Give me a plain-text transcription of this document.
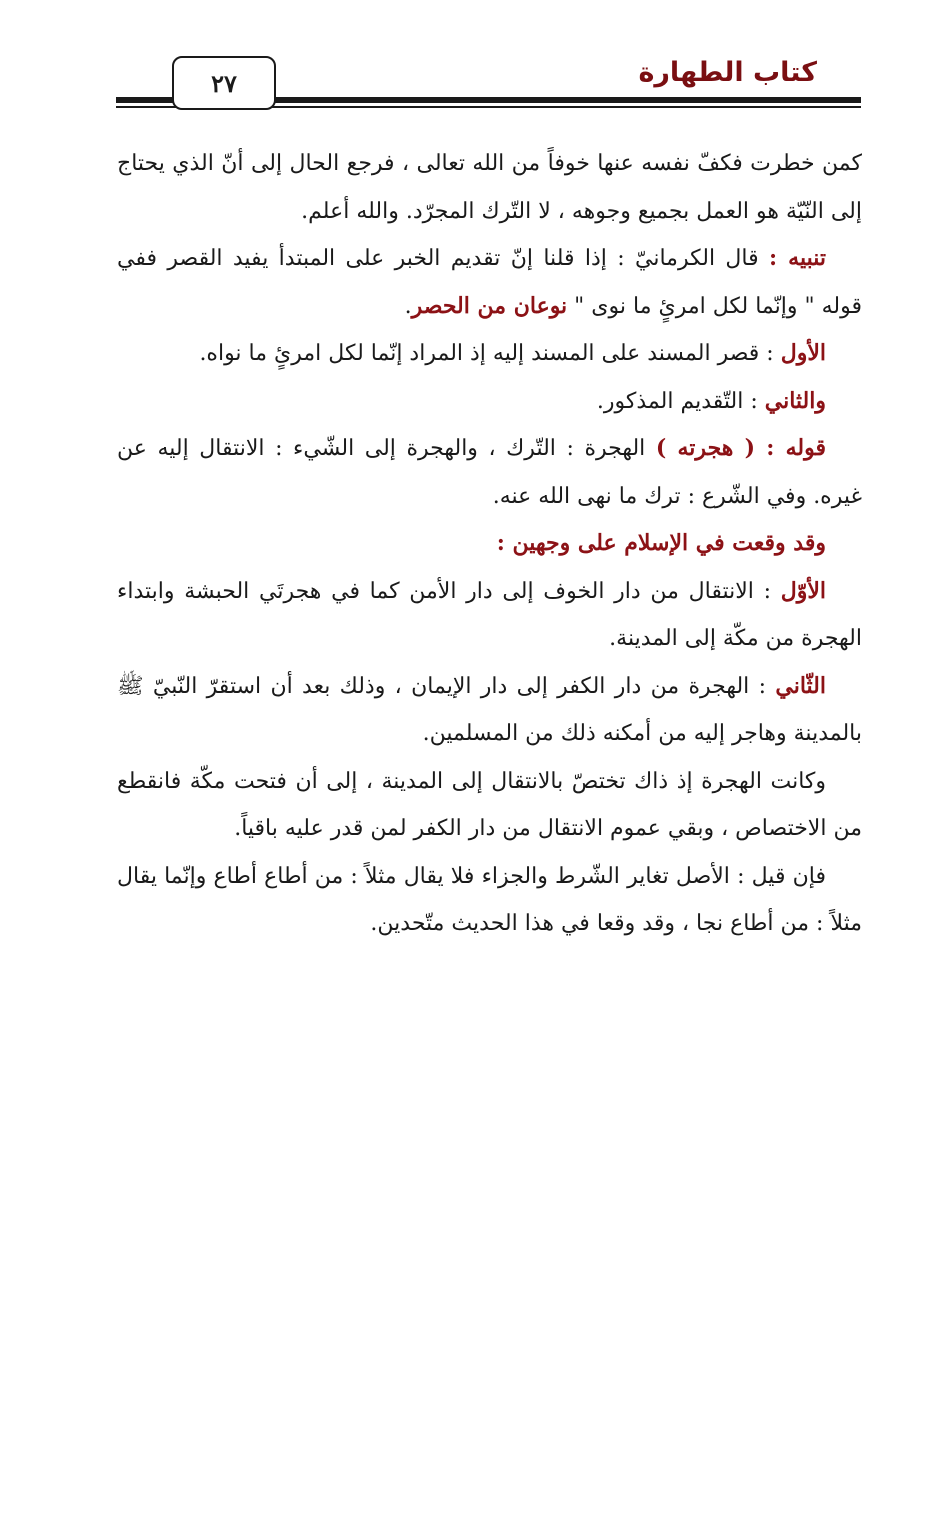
٢٧	كتاب الطهارة

كمن خطرت فكفّ نفسه عنها خوفاً من الله تعالى ، فرجع الحال إلى أنّ الذي يحتاج إلى النّيّة هو العمل بجميع وجوهه ، لا التّرك المجرّد. والله أعلم.

تنبيه : قال الكرمانيّ : إذا قلنا إنّ تقديم الخبر على المبتدأ يفيد القصر ففي قوله " وإنّما لكل امرئٍ ما نوى " نوعان من الحصر.

الأول : قصر المسند على المسند إليه إذ المراد إنّما لكل امرئٍ ما نواه.

والثاني : التّقديم المذكور.

قوله : ( هجرته ) الهجرة : التّرك ، والهجرة إلى الشّيء : الانتقال إليه عن غيره. وفي الشّرع : ترك ما نهى الله عنه.

وقد وقعت في الإسلام على وجهين :

الأوّل : الانتقال من دار الخوف إلى دار الأمن كما في هجرتَي الحبشة وابتداء الهجرة من مكّة إلى المدينة.

الثّاني : الهجرة من دار الكفر إلى دار الإيمان ، وذلك بعد أن استقرّ النّبيّ ﷺ بالمدينة وهاجر إليه من أمكنه ذلك من المسلمين.

وكانت الهجرة إذ ذاك تختصّ بالانتقال إلى المدينة ، إلى أن فتحت مكّة فانقطع من الاختصاص ، وبقي عموم الانتقال من دار الكفر لمن قدر عليه باقياً.

فإن قيل : الأصل تغاير الشّرط والجزاء فلا يقال مثلاً : من أطاع أطاع وإنّما يقال مثلاً : من أطاع نجا ، وقد وقعا في هذا الحديث متّحدين.
